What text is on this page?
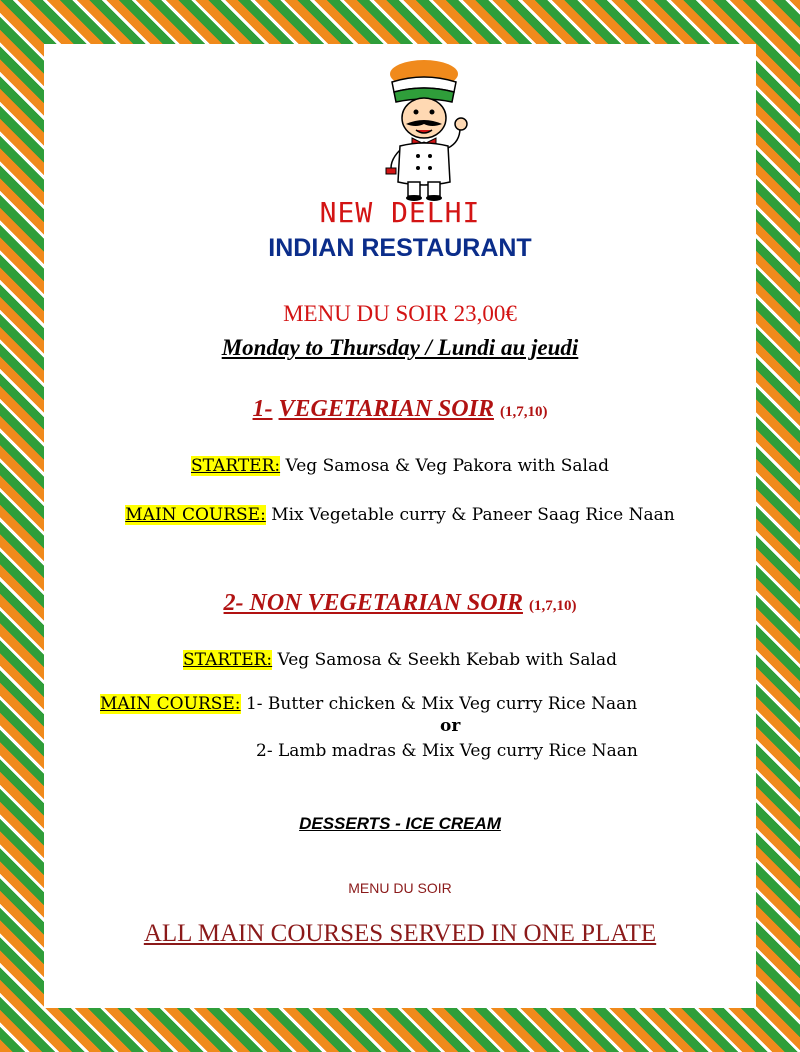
NEW DELHI
INDIAN RESTAURANT
MENU DU SOIR 23,00€
Monday to Thursday / Lundi au jeudi
1- VEGETARIAN SOIR (1,7,10)
STARTER: Veg Samosa & Veg Pakora with Salad
MAIN COURSE: Mix Vegetable curry & Paneer Saag Rice Naan
2- NON VEGETARIAN SOIR (1,7,10)
STARTER: Veg Samosa & Seekh Kebab with Salad
MAIN COURSE: 1- Butter chicken & Mix Veg curry Rice Naan
or
2- Lamb madras & Mix Veg curry Rice Naan
DESSERTS - ICE CREAM
MENU DU SOIR
ALL MAIN COURSES SERVED IN ONE PLATE
